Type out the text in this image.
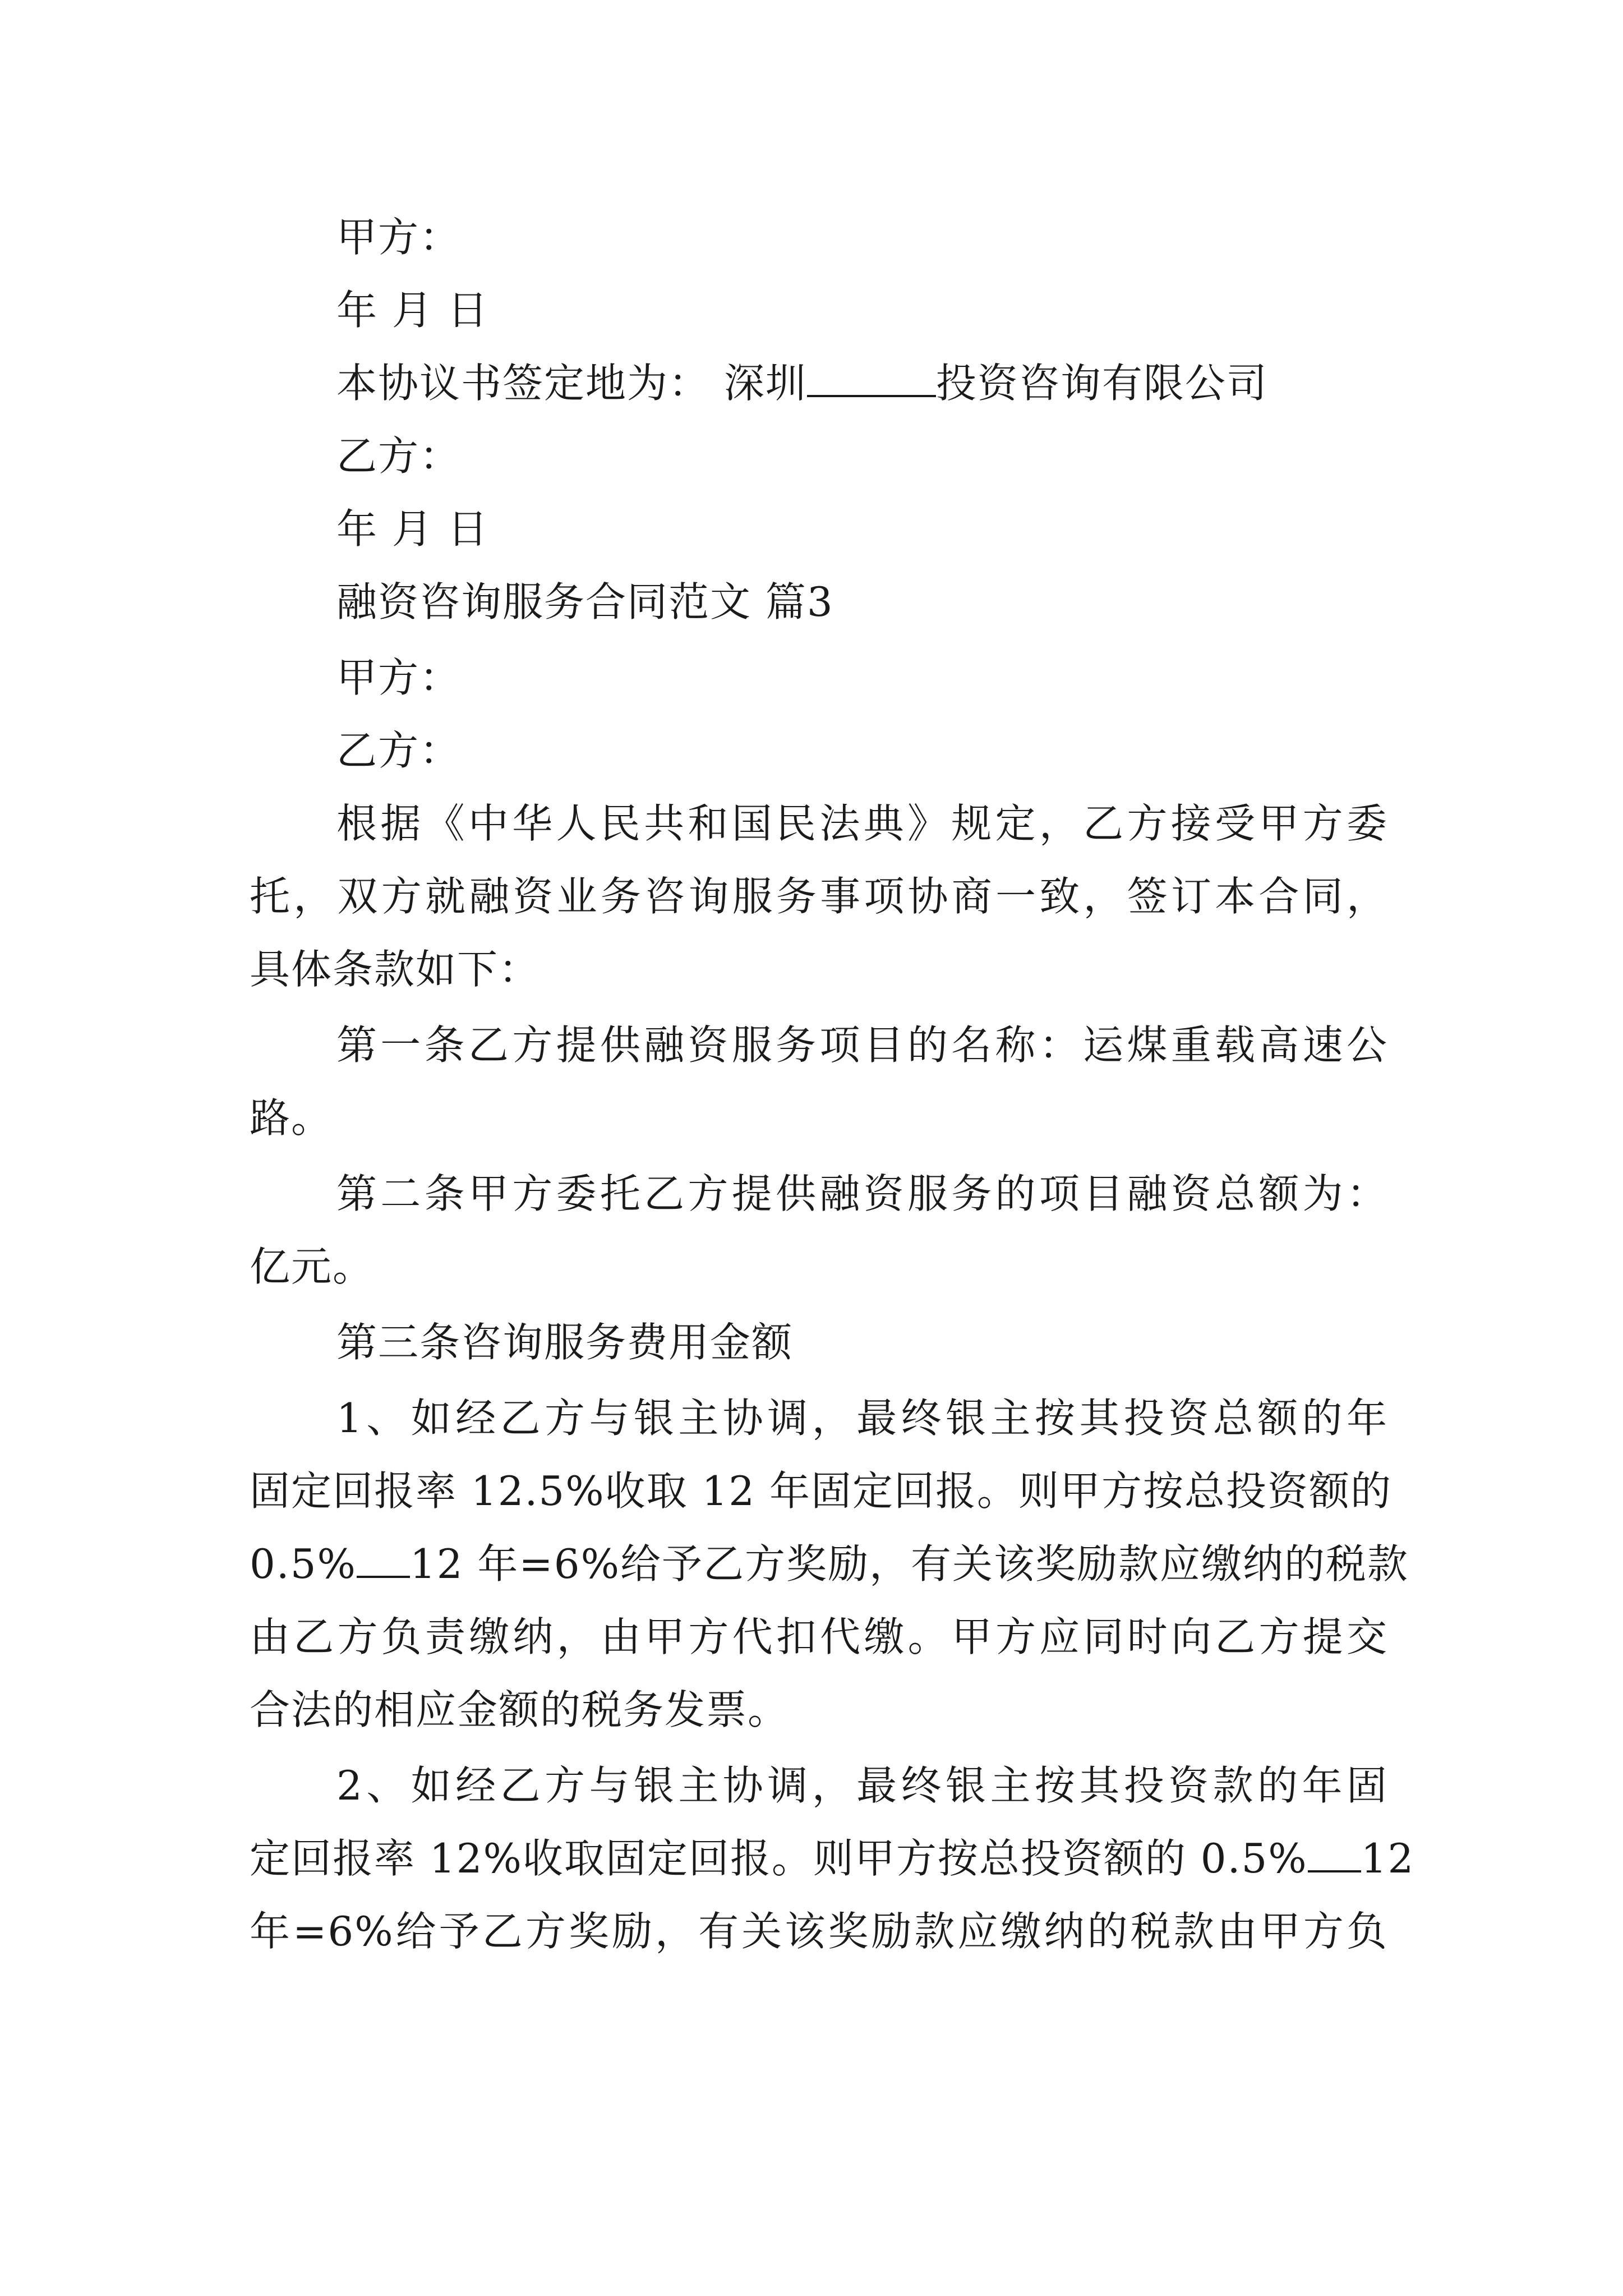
甲方：
年 月 日
本协议书签定地为： 深圳	投资咨询有限公司
乙方：
年 月 日
融资咨询服务合同范文 篇3
甲方：
乙方：
根据《中华人民共和国民法典》规定，乙方接受甲方委
托，双方就融资业务咨询服务事项协商一致，签订本合同，
具体条款如下：
第一条乙方提供融资服务项目的名称：运煤重载高速公
路。
第二条甲方委托乙方提供融资服务的项目融资总额为：
亿元。
第三条咨询服务费用金额
1、如经乙方与银主协调，最终银主按其投资总额的年
固定回报率 12.5%收取 12 年固定回报。则甲方按总投资额的
0.5%	12 年=6%给予乙方奖励，有关该奖励款应缴纳的税款
由乙方负责缴纳，由甲方代扣代缴。甲方应同时向乙方提交
合法的相应金额的税务发票。
2、如经乙方与银主协调，最终银主按其投资款的年固
定回报率 12%收取固定回报。则甲方按总投资额的 0.5%	12
年=6%给予乙方奖励，有关该奖励款应缴纳的税款由甲方负
